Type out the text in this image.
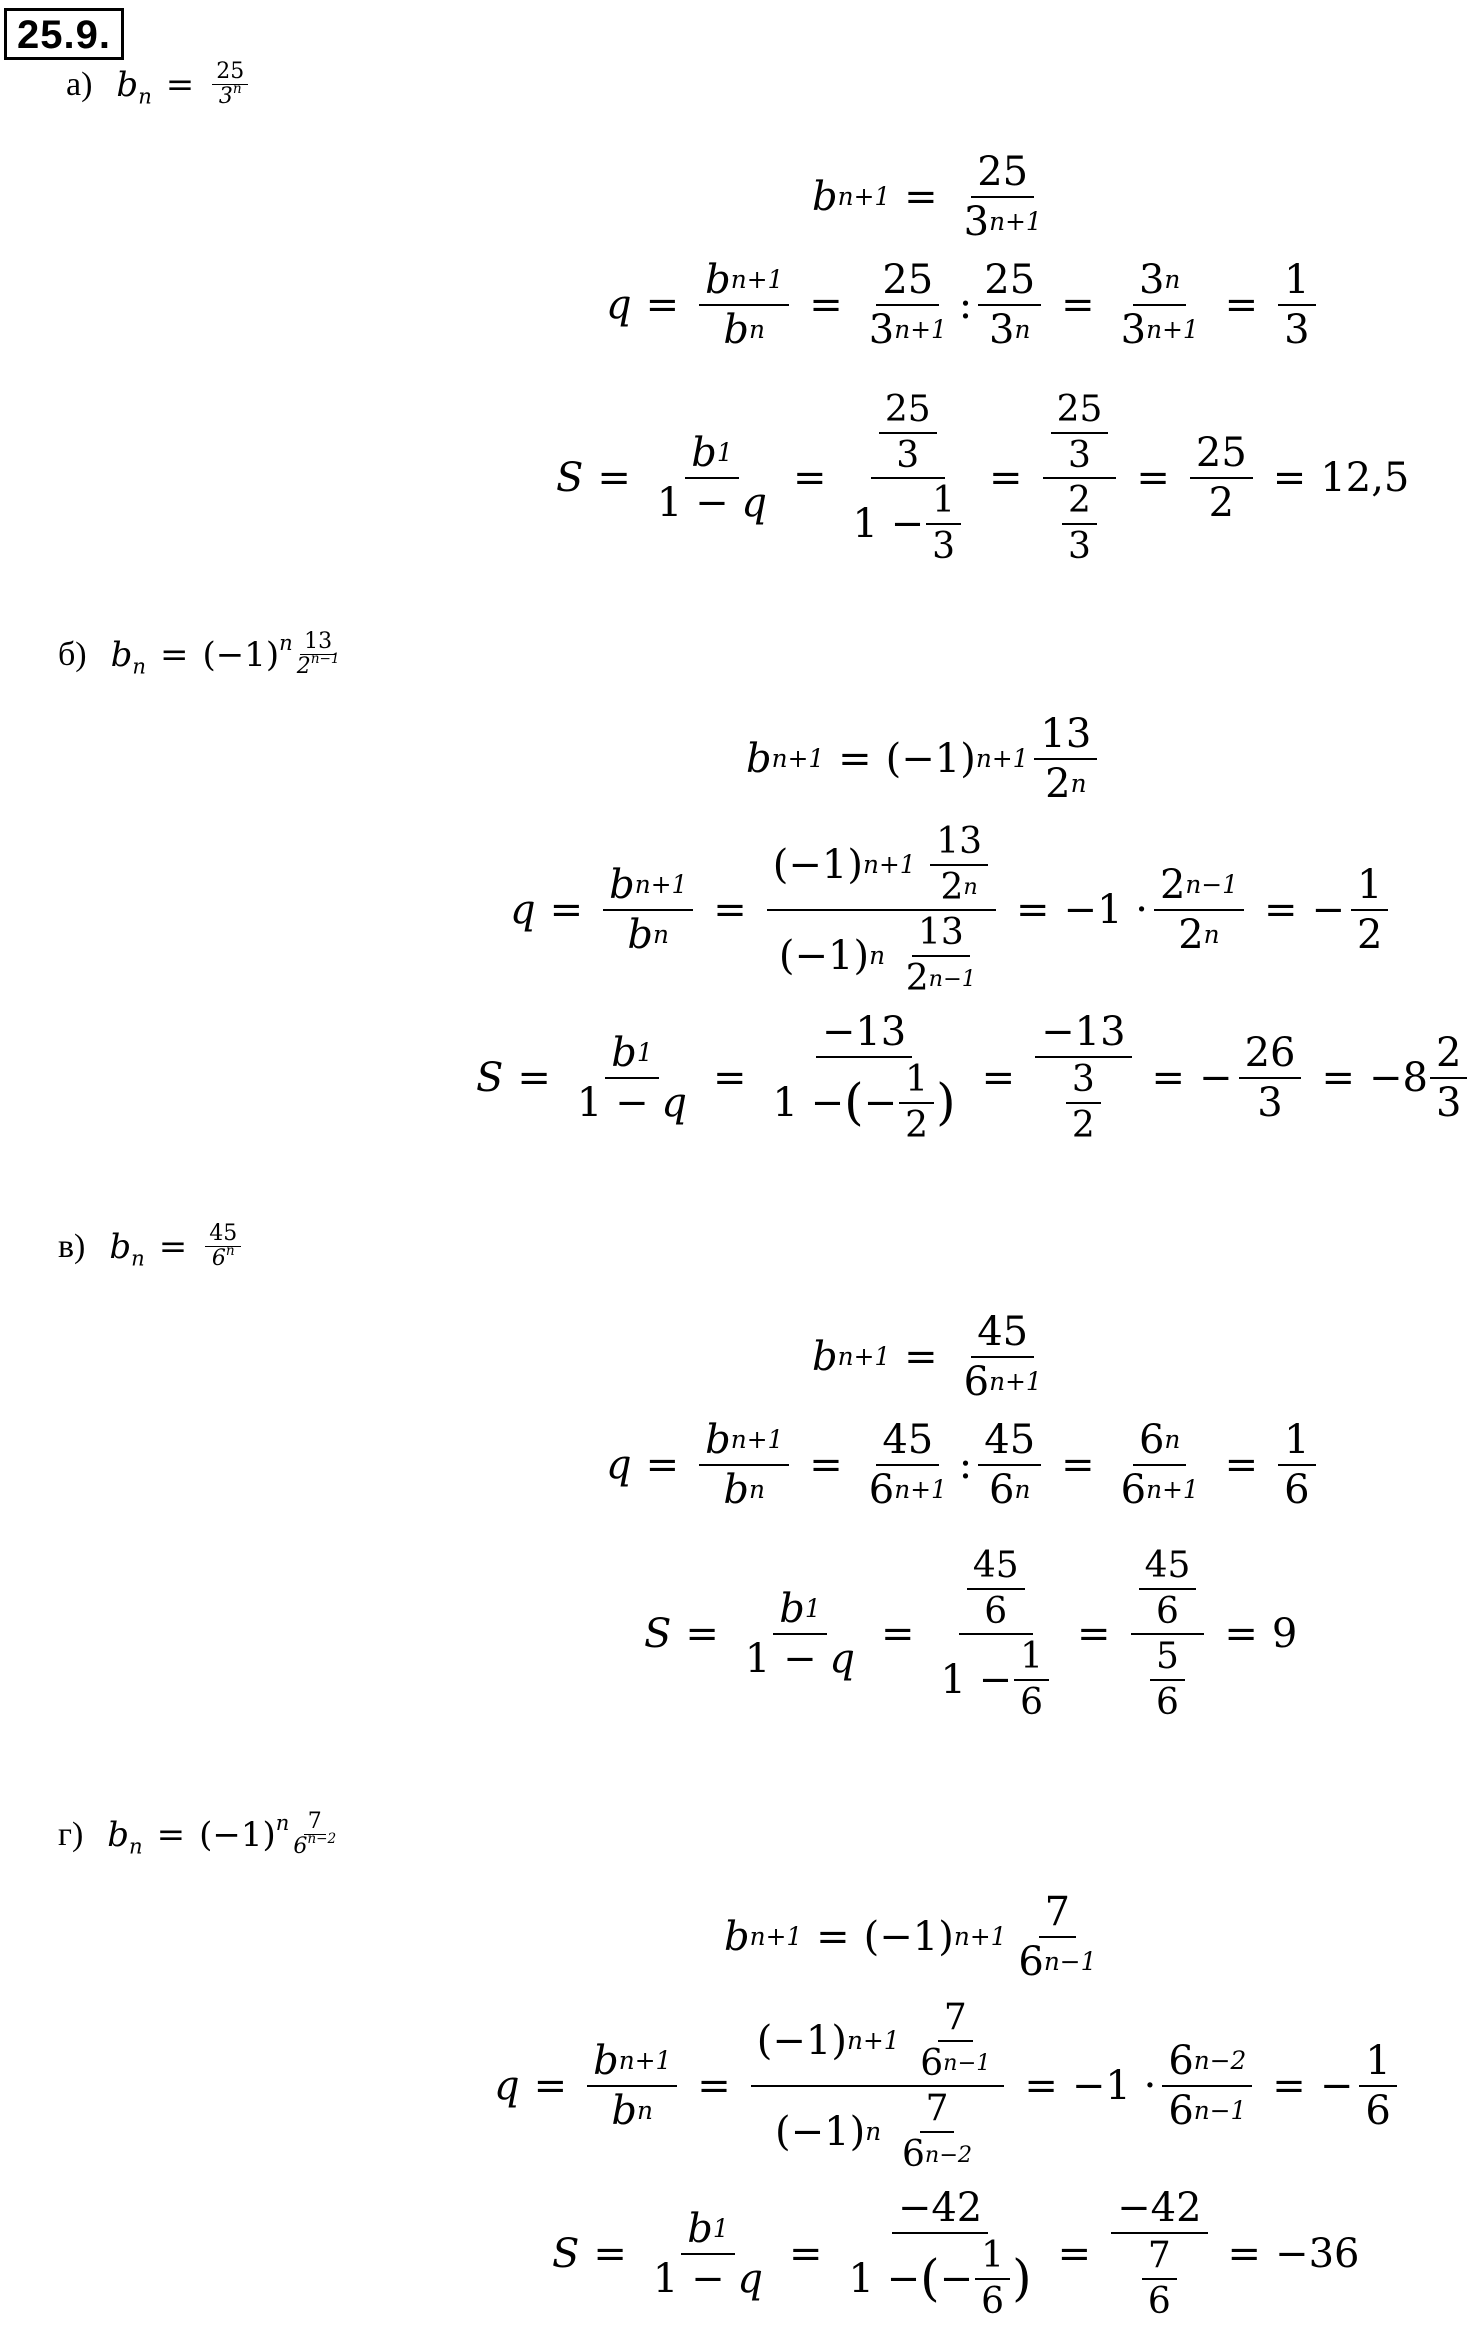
25.9.
а) $b_n = \frac{25}{3^n}$
b $n+1 = \frac{25}{3 n+1}$
$q = \frac{\text{b n+1}}{\text{b n}} = \frac{25}{3 n+1}$ : $\frac{25}{3 n} = \frac{3 n}{3 n+1} = \frac{1}{3}$
$S = \frac{b 1}{1 - q} = \frac{\frac{25}{3}}{1 - \frac{1}{3}} = \frac{\frac{25}{3}}{\frac{2}{3}} = \frac{25}{2} = 12,5$
б) $b_n = (-1)^n$ 13
$2^{n-1}$
b n+1 = (−1) $n+1 \frac{13}{2 n}$
$q = \frac{\text{b n+1}}{\text{b n}} = (-1)$ n+1
$\frac{13}{2 n}$
(−1) n
$\frac{13}{2 n-1} = -1 \cdot \frac{2 n-1}{2 n}$ = − $\frac{1}{2}$
$S = \frac{b 1}{1 - q} = \frac{-13}{1 - ( - \frac{1}{2} )} = \frac{-13}{\frac{3}{2}}$ = − $\frac{26}{3} = -8 \frac{2}{3}$
в) $b_n = \frac{45}{6^n}$
b $n+1 = \frac{45}{6 n+1}$
$q = \frac{\text{b n+1}}{\text{b n}} = \frac{45}{6 n+1}$ : $\frac{45}{6 n} = \frac{6 n}{6 n+1} = \frac{1}{6}$
$S = \frac{b 1}{1 - q} = \frac{\frac{45}{6}}{1 - \frac{1}{6}} = \frac{\frac{45}{6}}{\frac{5}{6}} = 9$
г) $b_n = (-1)^n$ 7
$6^{n-2}$
b n+1 = (−1) $n+1 \frac{7}{6 n-1}$
$q = \frac{\text{b n+1}}{\text{b n}} = (-1)$ n+1
$\frac{7}{6 n-1}$
(−1) n
$\frac{7}{6 n-2} = -1 \cdot \frac{6 n-2}{6 n-1}$ = − $\frac{1}{6}$
$S = \frac{b 1}{1 - q} = \frac{-42}{1 - ( - \frac{1}{6} )} = \frac{-42}{\frac{7}{6}} = -36$
